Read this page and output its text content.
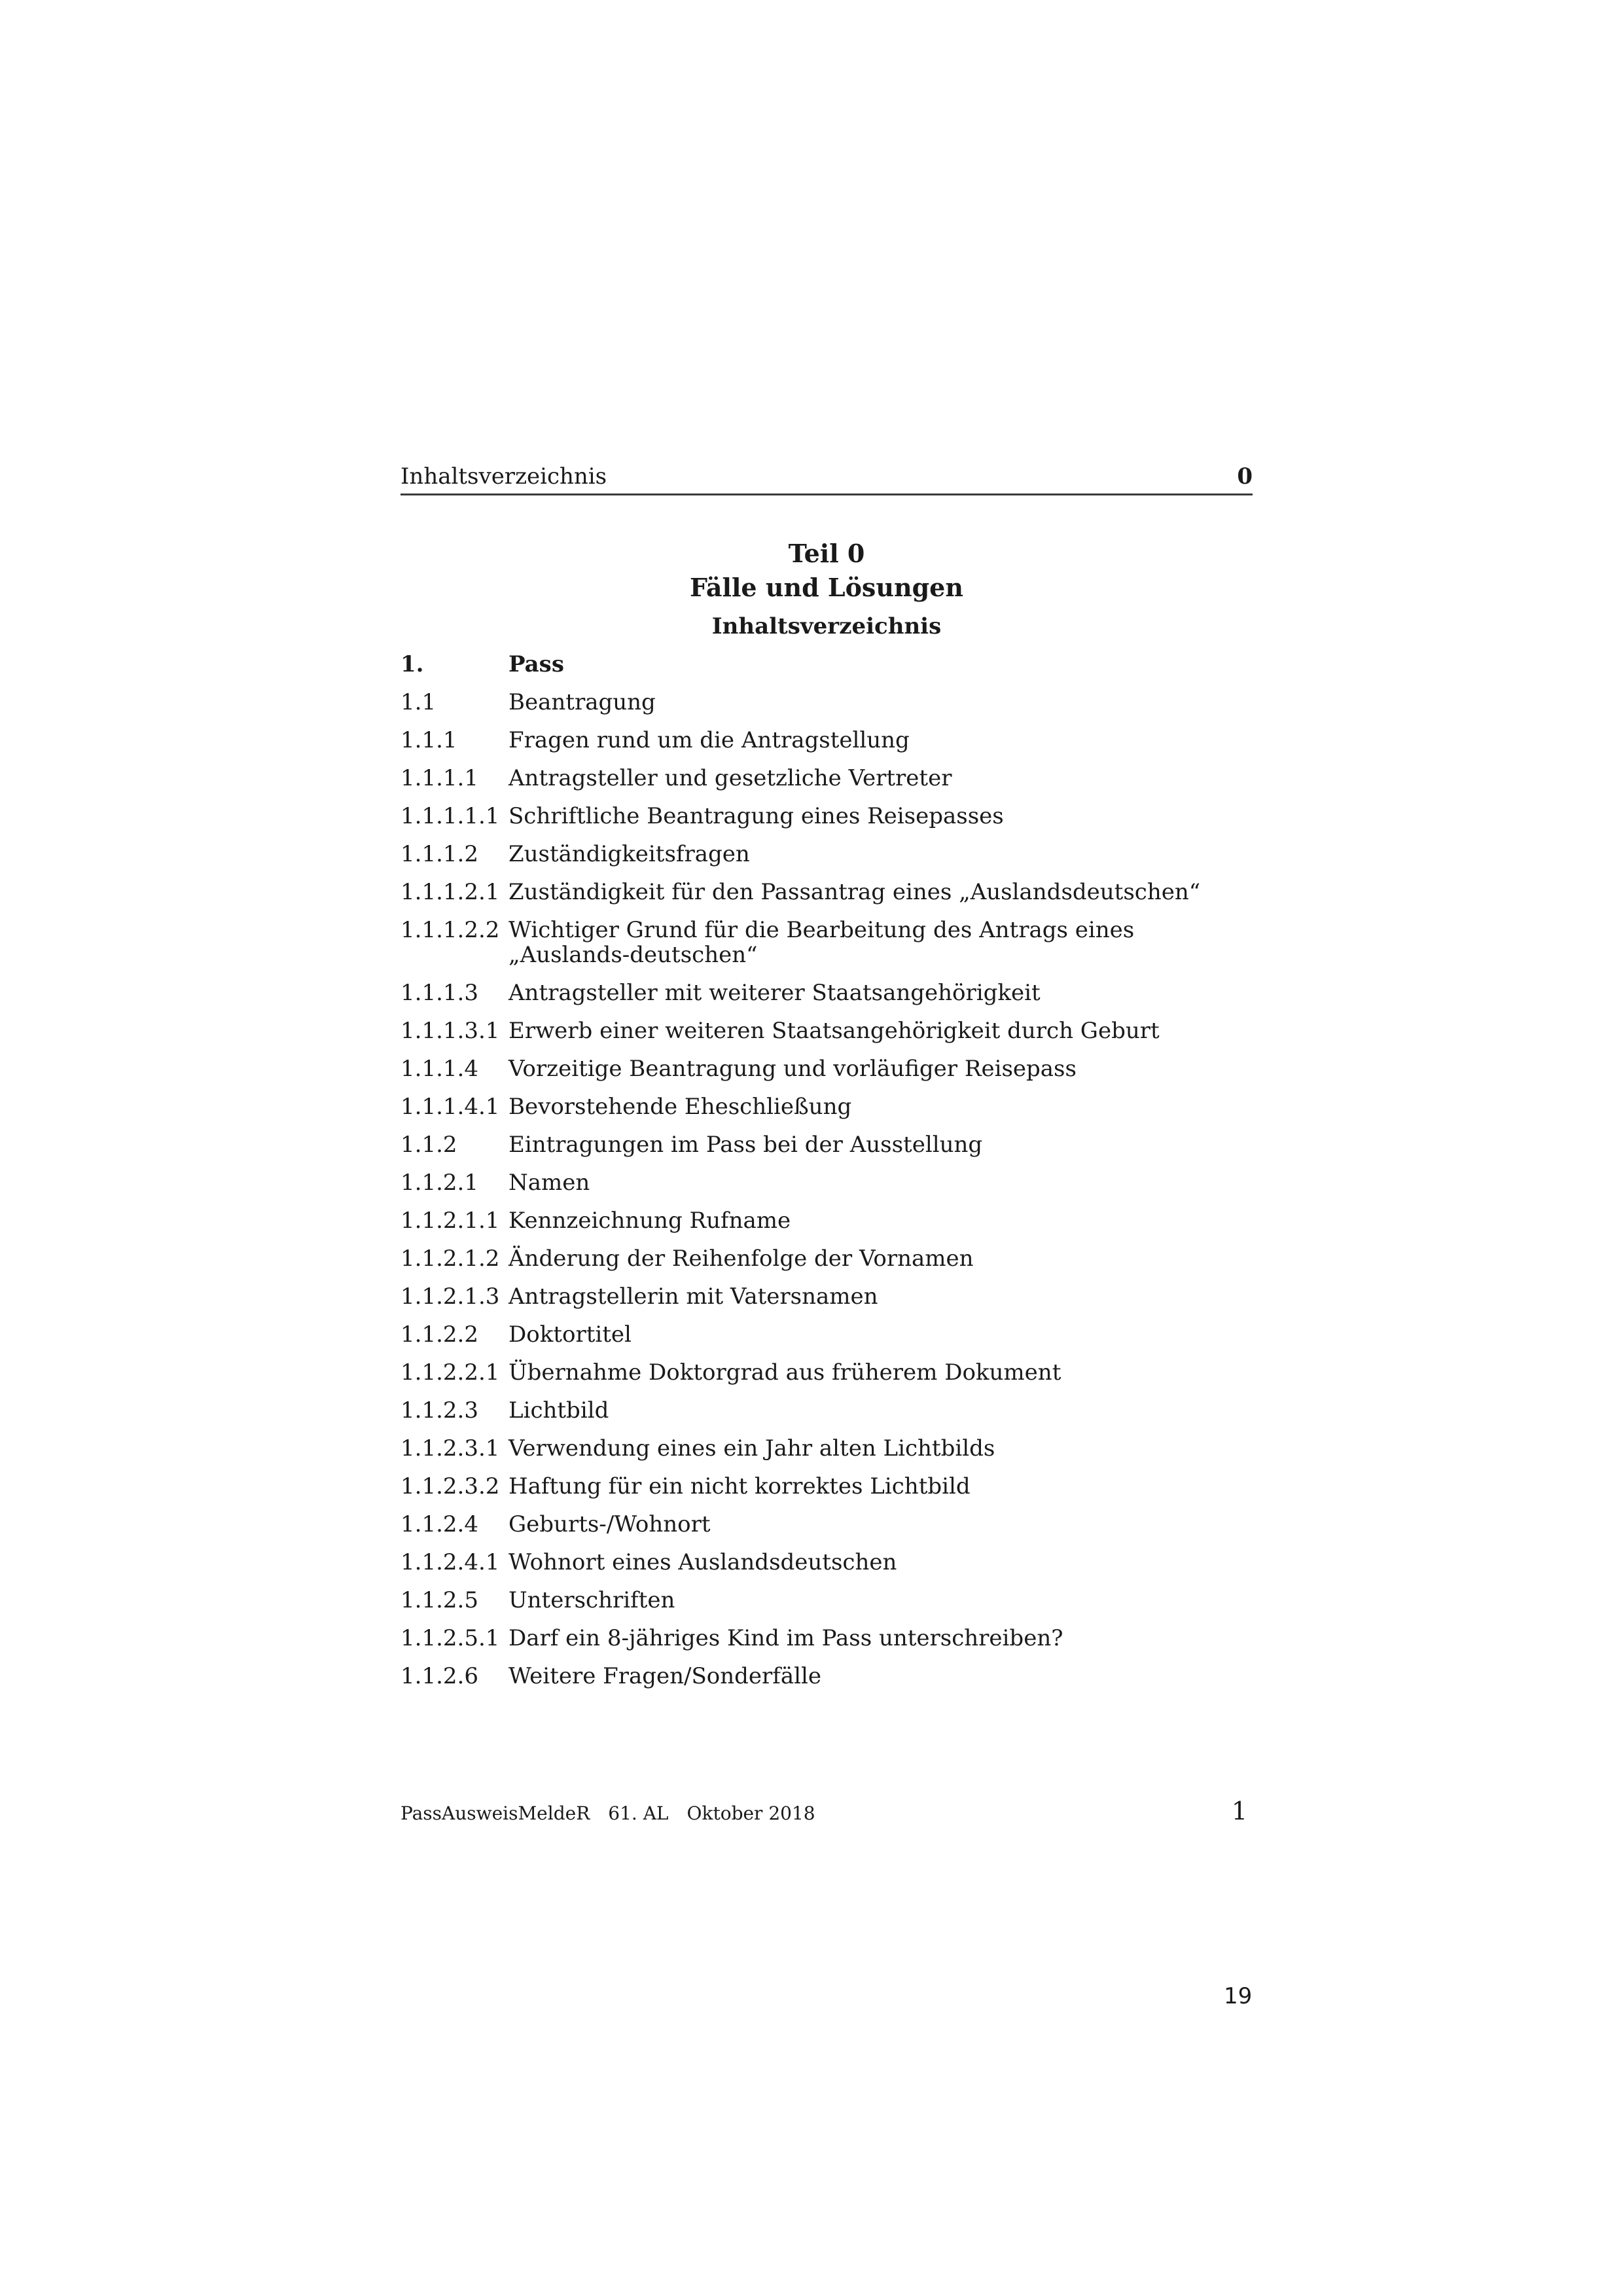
Inhaltsverzeichnis	0
Teil 0
Fälle und Lösungen
Inhaltsverzeichnis
1.	Pass
1.1	Beantragung
1.1.1	Fragen rund um die Antragstellung
1.1.1.1	Antragsteller und gesetzliche Vertreter
1.1.1.1.1 Schriftliche Beantragung eines Reisepasses
1.1.1.2	Zuständigkeitsfragen
1.1.1.2.1 Zuständigkeit für den Passantrag eines „Auslandsdeutschen“
1.1.1.2.2 Wichtiger Grund für die Bearbeitung des Antrags eines „Auslands-deutschen“
1.1.1.3	Antragsteller mit weiterer Staatsangehörigkeit
1.1.1.3.1 Erwerb einer weiteren Staatsangehörigkeit durch Geburt
1.1.1.4	Vorzeitige Beantragung und vorläufiger Reisepass
1.1.1.4.1 Bevorstehende Eheschließung
1.1.2	Eintragungen im Pass bei der Ausstellung
1.1.2.1	Namen
1.1.2.1.1 Kennzeichnung Rufname
1.1.2.1.2 Änderung der Reihenfolge der Vornamen
1.1.2.1.3 Antragstellerin mit Vatersnamen
1.1.2.2	Doktortitel
1.1.2.2.1 Übernahme Doktorgrad aus früherem Dokument
1.1.2.3	Lichtbild
1.1.2.3.1 Verwendung eines ein Jahr alten Lichtbilds
1.1.2.3.2 Haftung für ein nicht korrektes Lichtbild
1.1.2.4	Geburts-/Wohnort
1.1.2.4.1 Wohnort eines Auslandsdeutschen
1.1.2.5	Unterschriften
1.1.2.5.1 Darf ein 8-jähriges Kind im Pass unterschreiben?
1.1.2.6	Weitere Fragen/Sonderfälle
PassAusweisMeldeR 61. AL Oktober 2018	1
19
